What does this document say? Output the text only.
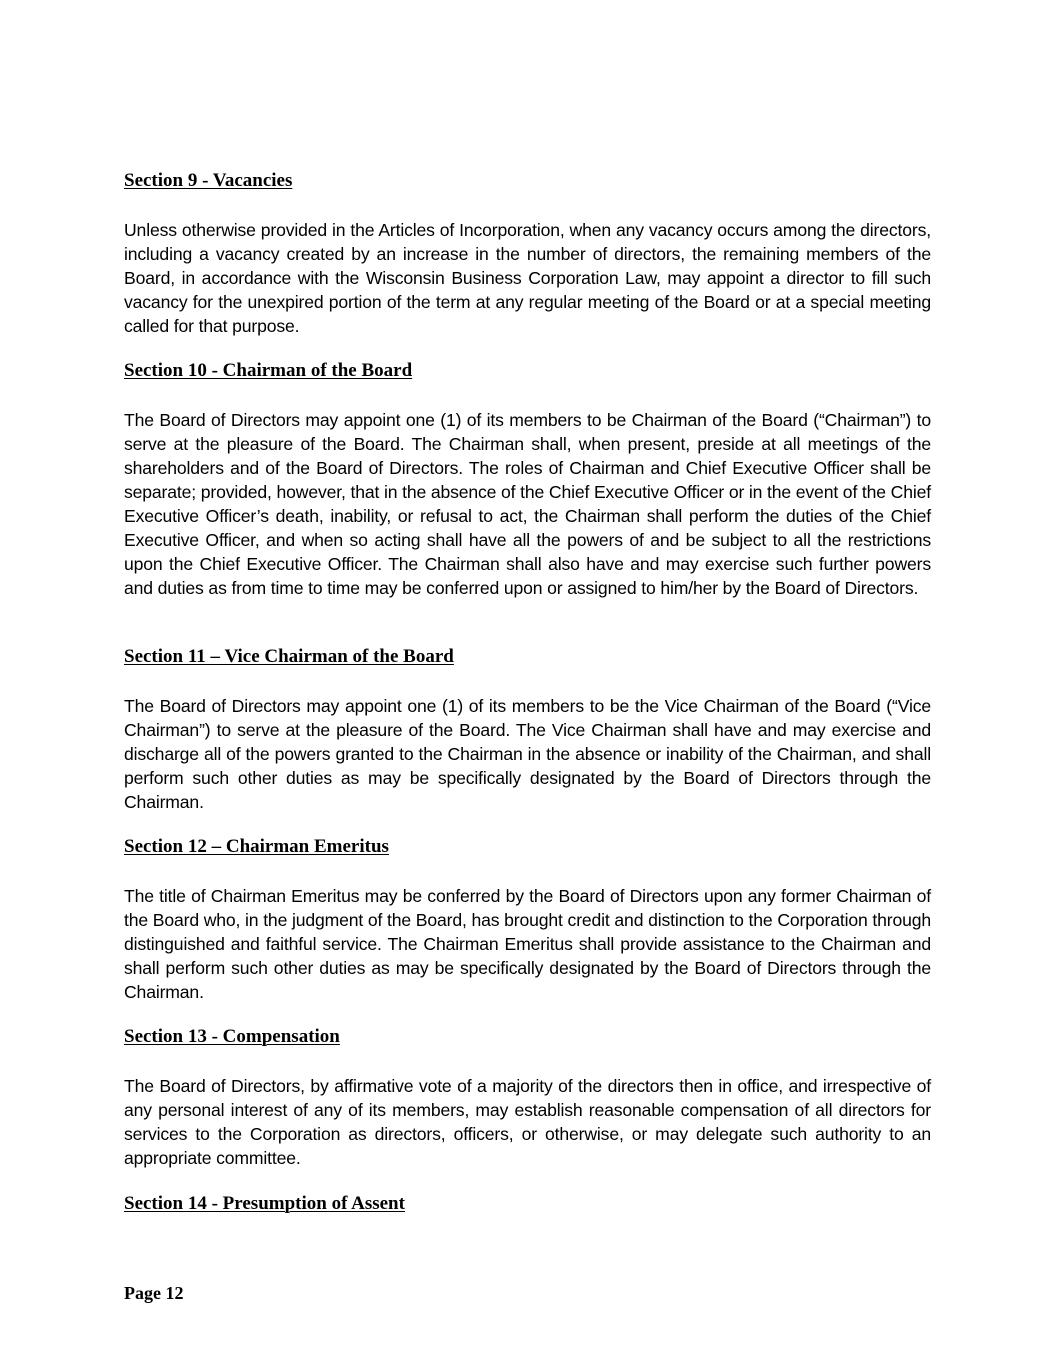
Section 9 - Vacancies

Unless otherwise provided in the Articles of Incorporation, when any vacancy occurs among the directors, including a vacancy created by an increase in the number of directors, the remaining members of the Board, in accordance with the Wisconsin Business Corporation Law, may appoint a director to fill such vacancy for the unexpired portion of the term at any regular meeting of the Board or at a special meeting called for that purpose.

Section 10 - Chairman of the Board

The Board of Directors may appoint one (1) of its members to be Chairman of the Board (“Chairman”) to serve at the pleasure of the Board. The Chairman shall, when present, preside at all meetings of the shareholders and of the Board of Directors. The roles of Chairman and Chief Executive Officer shall be separate; provided, however, that in the absence of the Chief Executive Officer or in the event of the Chief Executive Officer’s death, inability, or refusal to act, the Chairman shall perform the duties of the Chief Executive Officer, and when so acting shall have all the powers of and be subject to all the restrictions upon the Chief Executive Officer. The Chairman shall also have and may exercise such further powers and duties as from time to time may be conferred upon or assigned to him/her by the Board of Directors.

Section 11 – Vice Chairman of the Board

The Board of Directors may appoint one (1) of its members to be the Vice Chairman of the Board (“Vice Chairman”) to serve at the pleasure of the Board. The Vice Chairman shall have and may exercise and discharge all of the powers granted to the Chairman in the absence or inability of the Chairman, and shall perform such other duties as may be specifically designated by the Board of Directors through the Chairman.

Section 12 – Chairman Emeritus

The title of Chairman Emeritus may be conferred by the Board of Directors upon any former Chairman of the Board who, in the judgment of the Board, has brought credit and distinction to the Corporation through distinguished and faithful service. The Chairman Emeritus shall provide assistance to the Chairman and shall perform such other duties as may be specifically designated by the Board of Directors through the Chairman.

Section 13 - Compensation

The Board of Directors, by affirmative vote of a majority of the directors then in office, and irrespective of any personal interest of any of its members, may establish reasonable compensation of all directors for services to the Corporation as directors, officers, or otherwise, or may delegate such authority to an appropriate committee.

Section 14 - Presumption of Assent
Page 12
